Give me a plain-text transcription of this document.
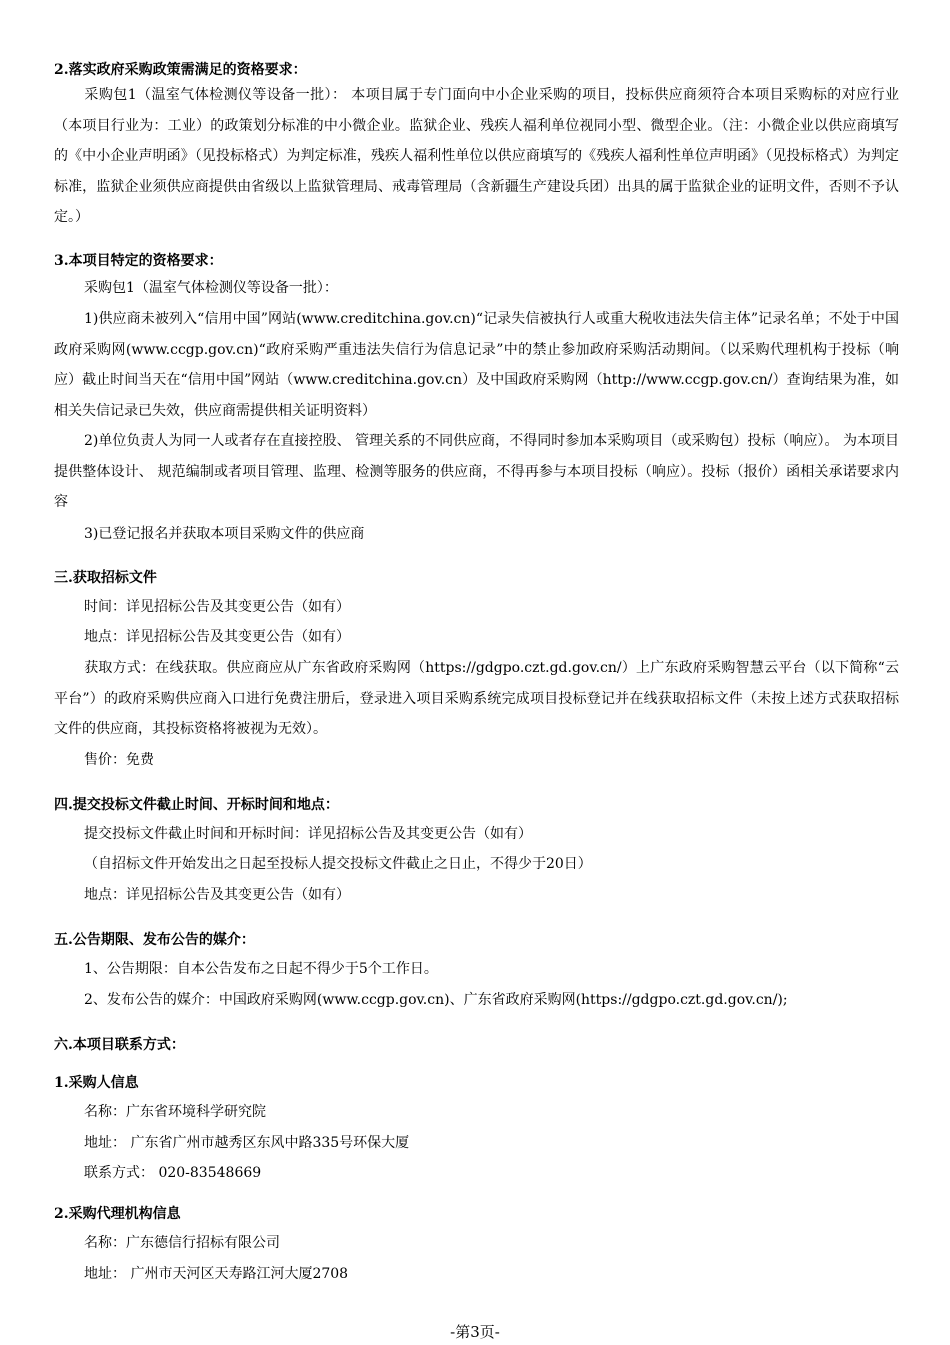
2.落实政府采购政策需满足的资格要求：
采购包1（温室气体检测仪等设备一批）： 本项目属于专门面向中小企业采购的项目，投标供应商须符合本项目采购标的对应行业（本项目行业为：工业）的政策划分标准的中小微企业。监狱企业、残疾人福利单位视同小型、微型企业。（注：小微企业以供应商填写的《中小企业声明函》（见投标格式）为判定标准，残疾人福利性单位以供应商填写的《残疾人福利性单位声明函》（见投标格式）为判定标准，监狱企业须供应商提供由省级以上监狱管理局、戒毒管理局（含新疆生产建设兵团）出具的属于监狱企业的证明文件，否则不予认定。）
3.本项目特定的资格要求：
采购包1（温室气体检测仪等设备一批）：
1)供应商未被列入“信用中国”网站(www.creditchina.gov.cn)“记录失信被执行人或重大税收违法失信主体”记录名单；不处于中国政府采购网(www.ccgp.gov.cn)“政府采购严重违法失信行为信息记录”中的禁止参加政府采购活动期间。（以采购代理机构于投标（响应）截止时间当天在“信用中国”网站（www.creditchina.gov.cn）及中国政府采购网（http://www.ccgp.gov.cn/）查询结果为准，如相关失信记录已失效，供应商需提供相关证明资料）
2)单位负责人为同一人或者存在直接控股、 管理关系的不同供应商，不得同时参加本采购项目（或采购包）投标（响应）。 为本项目提供整体设计、 规范编制或者项目管理、监理、检测等服务的供应商，不得再参与本项目投标（响应）。投标（报价）函相关承诺要求内容
3)已登记报名并获取本项目采购文件的供应商
三.获取招标文件
时间：详见招标公告及其变更公告（如有）
地点：详见招标公告及其变更公告（如有）
获取方式：在线获取。供应商应从广东省政府采购网（https://gdgpo.czt.gd.gov.cn/）上广东政府采购智慧云平台（以下简称“云平台”）的政府采购供应商入口进行免费注册后，登录进入项目采购系统完成项目投标登记并在线获取招标文件（未按上述方式获取招标文件的供应商，其投标资格将被视为无效）。
售价：免费
四.提交投标文件截止时间、开标时间和地点：
提交投标文件截止时间和开标时间：详见招标公告及其变更公告（如有）
（自招标文件开始发出之日起至投标人提交投标文件截止之日止，不得少于20日）
地点：详见招标公告及其变更公告（如有）
五.公告期限、发布公告的媒介：
1、公告期限：自本公告发布之日起不得少于5个工作日。
2、发布公告的媒介：中国政府采购网(www.ccgp.gov.cn)、广东省政府采购网(https://gdgpo.czt.gd.gov.cn/);
六.本项目联系方式：
1.采购人信息
名称：广东省环境科学研究院
地址： 广东省广州市越秀区东风中路335号环保大厦
联系方式： 020-83548669
2.采购代理机构信息
名称：广东德信行招标有限公司
地址： 广州市天河区天寿路江河大厦2708
-第3页-
